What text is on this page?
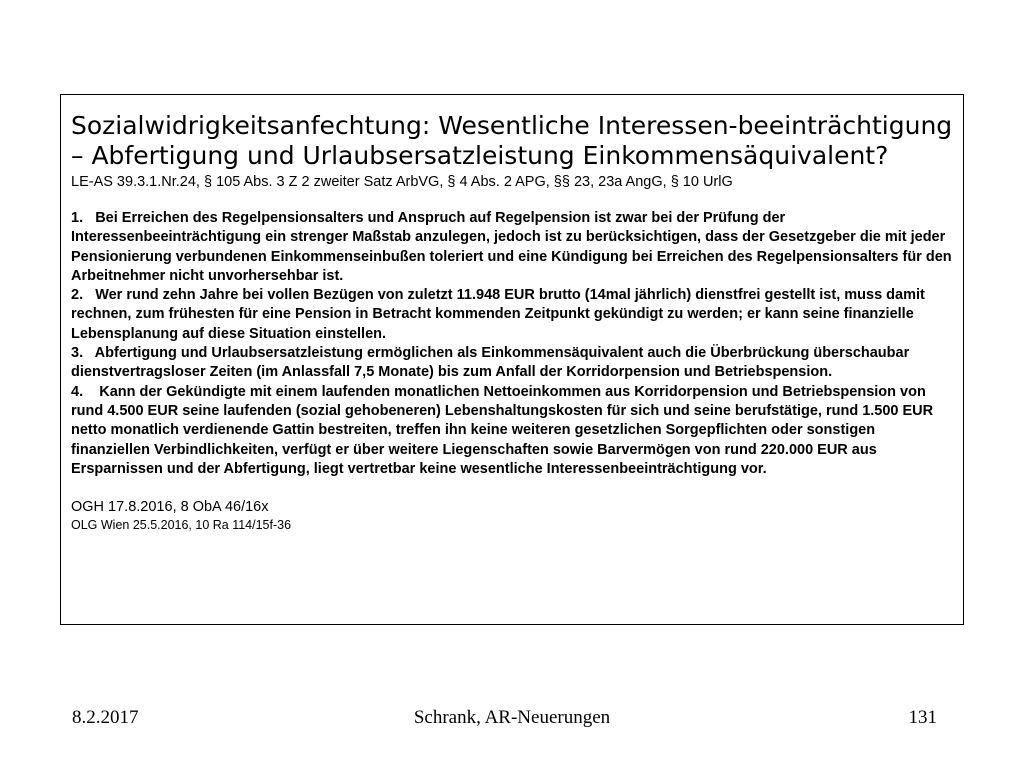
Sozialwidrigkeitsanfechtung: Wesentliche Interessen-beeinträchtigung – Abfertigung und Urlaubsersatzleistung Einkommensäquivalent?

LE-AS 39.3.1.Nr.24, § 105 Abs. 3 Z 2 zweiter Satz ArbVG, § 4 Abs. 2 APG, §§ 23, 23a AngG, § 10 UrlG

1. Bei Erreichen des Regelpensionsalters und Anspruch auf Regelpension ist zwar bei der Prüfung der Interessenbeeinträchtigung ein strenger Maßstab anzulegen, jedoch ist zu berücksichtigen, dass der Gesetzgeber die mit jeder Pensionierung verbundenen Einkommenseinbußen toleriert und eine Kündigung bei Erreichen des Regelpensionsalters für den Arbeitnehmer nicht unvorhersehbar ist.

2. Wer rund zehn Jahre bei vollen Bezügen von zuletzt 11.948 EUR brutto (14mal jährlich) dienstfrei gestellt ist, muss damit rechnen, zum frühesten für eine Pension in Betracht kommenden Zeitpunkt gekündigt zu werden; er kann seine finanzielle Lebensplanung auf diese Situation einstellen.

3. Abfertigung und Urlaubsersatzleistung ermöglichen als Einkommensäquivalent auch die Überbrückung überschaubar dienstvertragsloser Zeiten (im Anlassfall 7,5 Monate) bis zum Anfall der Korridorpension und Betriebspension.

4. Kann der Gekündigte mit einem laufenden monatlichen Nettoeinkommen aus Korridorpension und Betriebspension von rund 4.500 EUR seine laufenden (sozial gehobeneren) Lebenshaltungskosten für sich und seine berufstätige, rund 1.500 EUR netto monatlich verdienende Gattin bestreiten, treffen ihn keine weiteren gesetzlichen Sorgepflichten oder sonstigen finanziellen Verbindlichkeiten, verfügt er über weitere Liegenschaften sowie Barvermögen von rund 220.000 EUR aus Ersparnissen und der Abfertigung, liegt vertretbar keine wesentliche Interessenbeeinträchtigung vor.

OGH 17.8.2016, 8 ObA 46/16x

OLG Wien 25.5.2016, 10 Ra 114/15f-36

8.2.2017	Schrank, AR-Neuerungen	131
